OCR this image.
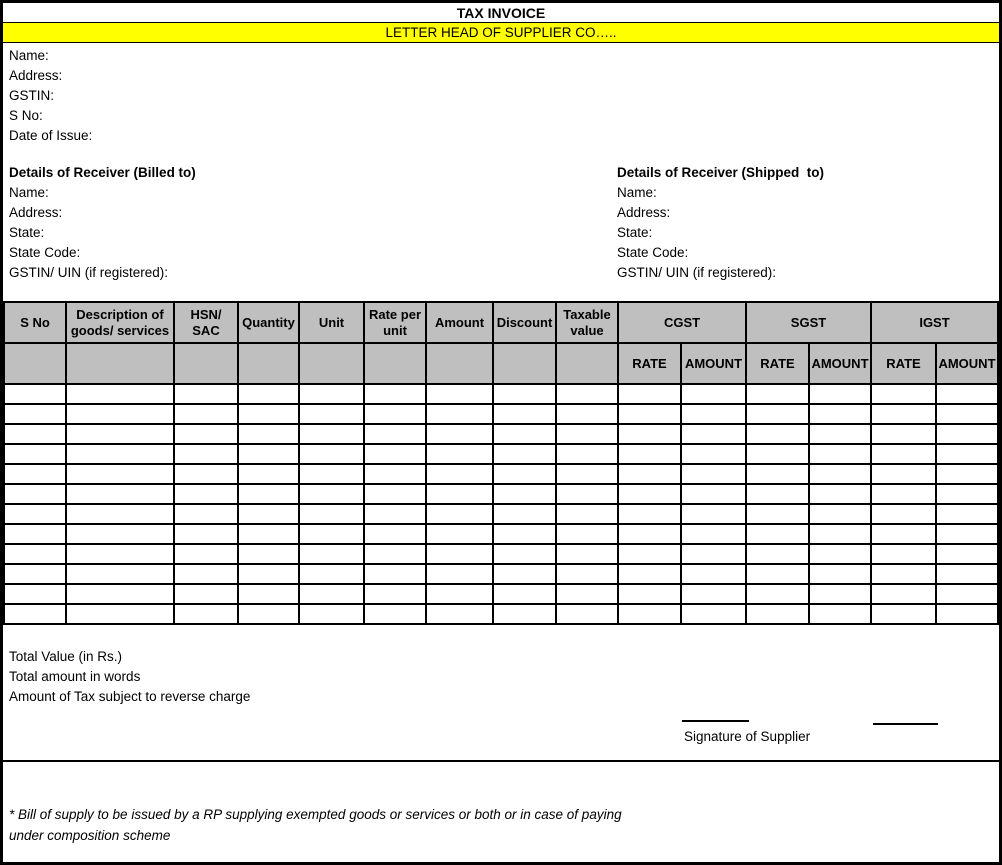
TAX INVOICE
LETTER HEAD OF SUPPLIER CO…..
Name:
Address:
GSTIN:
S No:
Date of Issue:
Details of Receiver (Billed to)
Name:
Address:
State:
State Code:
GSTIN/ UIN (if registered):
Details of Receiver (Shipped  to)
Name:
Address:
State:
State Code:
GSTIN/ UIN (if registered):
S No	Description of goods/ services	HSN/ SAC	Quantity	Unit	Rate per unit	Amount	Discount	Taxable value	CGST		SGST		IGST	
									RATE	AMOUNT	RATE	AMOUNT	RATE	AMOUNT

Total Value (in Rs.)
Total amount in words
Amount of Tax subject to reverse charge
Signature of Supplier
* Bill of supply to be issued by a RP supplying exempted goods or services or both or in case of paying
under composition scheme
